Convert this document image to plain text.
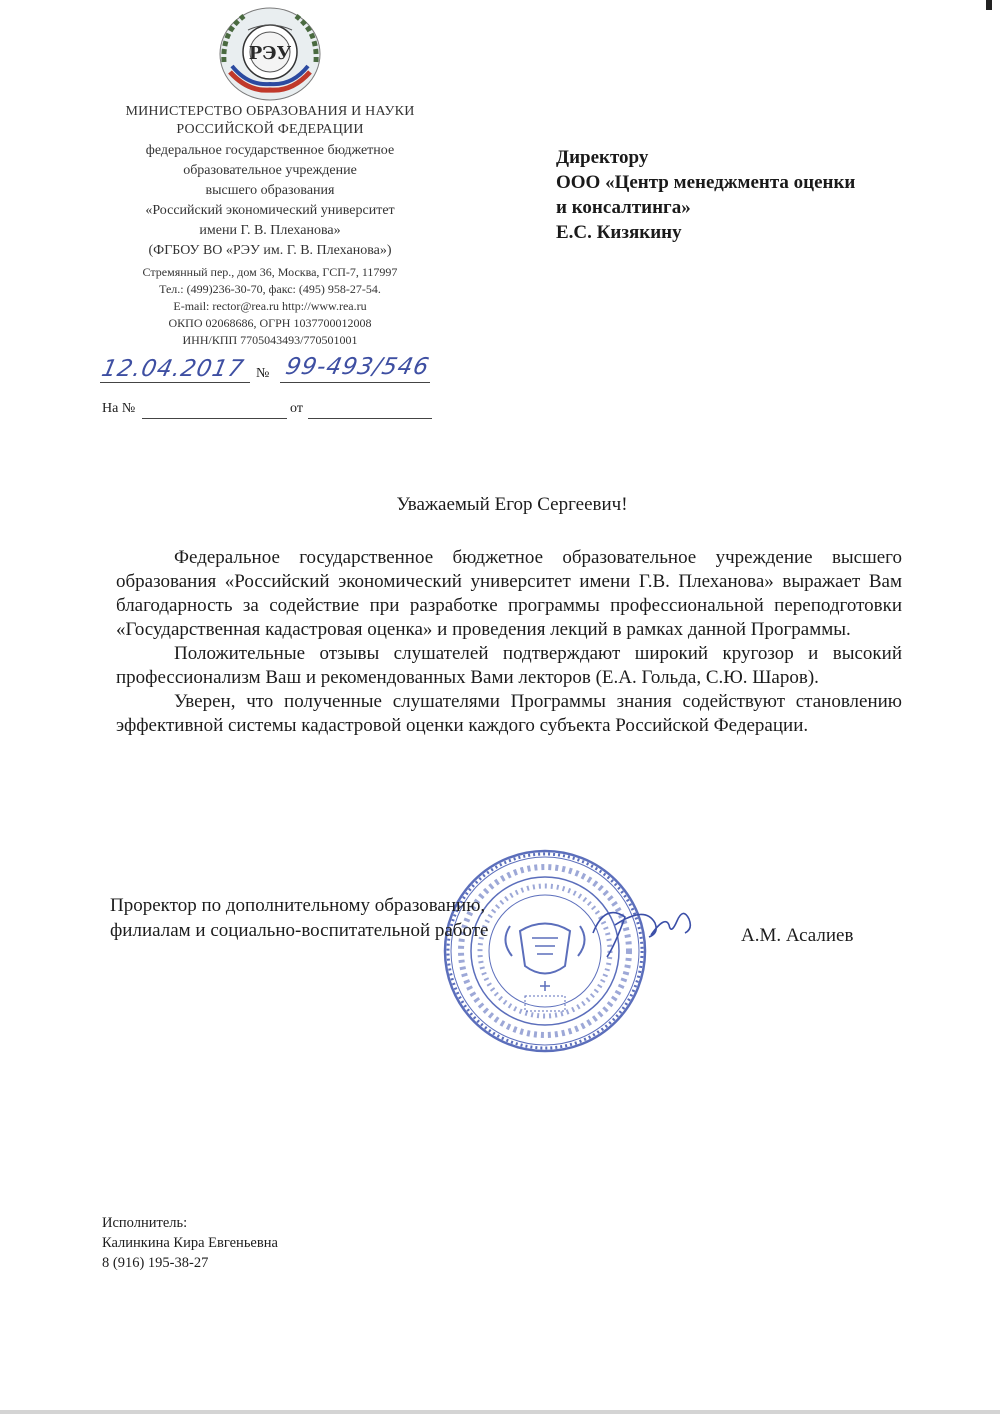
РЭУ
МИНИСТЕРСТВО ОБРАЗОВАНИЯ И НАУКИ
РОССИЙСКОЙ ФЕДЕРАЦИИ
федеральное государственное бюджетное
образовательное учреждение
высшего образования
«Российский экономический университет
имени Г. В. Плеханова»
(ФГБОУ ВО «РЭУ им. Г. В. Плеханова»)
Стремянный пер., дом 36, Москва, ГСП-7, 117997
Тел.: (499)236-30-70, факс: (495) 958-27-54.
E-mail: rector@rea.ru http://www.rea.ru
ОКПО 02068686, ОГРН 1037700012008
ИНН/КПП 7705043493/770501001
12.04.2017 № 99-493/546
На №	от
Директору
ООО «Центр менеджмента оценки
и консалтинга»
Е.С. Кизякину
Уважаемый Егор Сергеевич!

Федеральное государственное бюджетное образовательное учреждение высшего образования «Российский экономический университет имени Г.В. Плеханова» выражает Вам благодарность за содействие при разработке программы профессиональной переподготовки «Государственная кадастровая оценка» и проведения лекций в рамках данной Программы.

Положительные отзывы слушателей подтверждают широкий кругозор и высокий профессионализм Ваш и рекомендованных Вами лекторов (Е.А. Гольда, С.Ю. Шаров).

Уверен, что полученные слушателями Программы знания содействуют становлению эффективной системы кадастровой оценки каждого субъекта Российской Федерации.

Проректор по дополнительному образованию,
филиалам и социально-воспитательной работе	А.М. Асалиев
Исполнитель:
Калинкина Кира Евгеньевна
8 (916) 195-38-27
